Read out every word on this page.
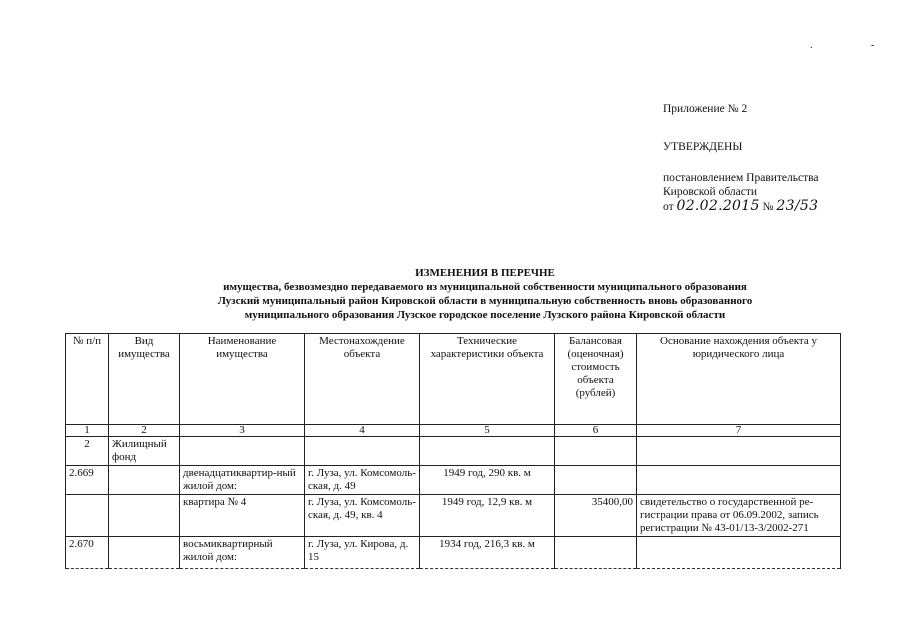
. -
Приложение № 2
УТВЕРЖДЕНЫ
постановлением Правительства
Кировской области
от 02.02.2015 № 23/53
ИЗМЕНЕНИЯ В ПЕРЕЧНЕ
имущества, безвозмездно передаваемого из муниципальной собственности муниципального образования
Лузский муниципальный район Кировской области в муниципальную собственность вновь образованного
муниципального образования Лузское городское поселение Лузского района Кировской области
№ п/п	Вид имущества	Наименование имущества	Местонахождение объекта	Технические характеристики объекта	Балансовая (оценочная) стоимость объекта (рублей)	Основание нахождения объекта у юридического лица
1	2	3	4	5	6	7
2	Жилищный фонд					
2.669		двенадцатиквартир-ный жилой дом:	г. Луза, ул. Комсомоль-ская, д. 49	1949 год, 290 кв. м		
		квартира № 4	г. Луза, ул. Комсомоль-ская, д. 49, кв. 4	1949 год, 12,9 кв. м	35400,00	свидетельство о государственной ре-гистрации права от 06.09.2002, запись регистрации № 43-01/13-3/2002-271
2.670		восьмиквартирный жилой дом:	г. Луза, ул. Кирова, д. 15	1934 год, 216,3 кв. м		
